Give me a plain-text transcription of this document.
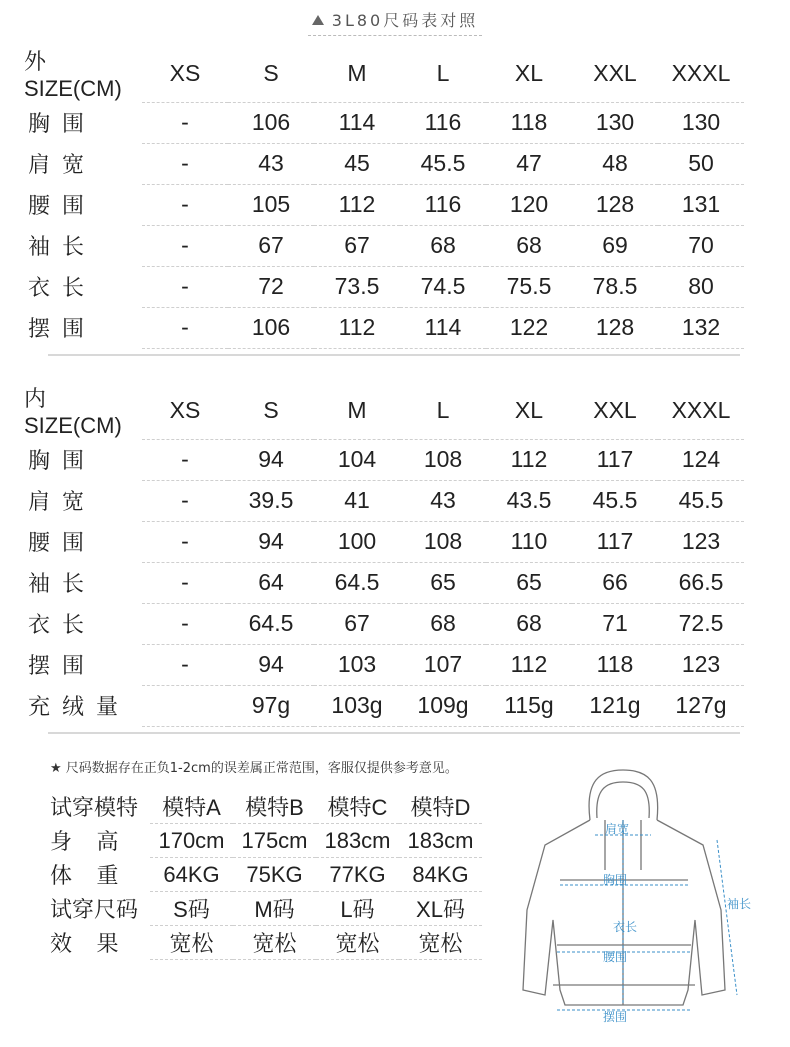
3L80尺码表对照
外SIZE(CM)	XS	S	M	L	XL	XXL	XXXL
胸围	-	106	114	116	118	130	130
肩宽	-	43	45	45.5	47	48	50
腰围	-	105	112	116	120	128	131
袖长	-	67	67	68	68	69	70
衣长	-	72	73.5	74.5	75.5	78.5	80
摆围	-	106	112	114	122	128	132
内SIZE(CM)	XS	S	M	L	XL	XXL	XXXL
胸围	-	94	104	108	112	117	124
肩宽	-	39.5	41	43	43.5	45.5	45.5
腰围	-	94	100	108	110	117	123
袖长	-	64	64.5	65	65	66	66.5
衣长	-	64.5	67	68	68	71	72.5
摆围	-	94	103	107	112	118	123
充绒量		97g	103g	109g	115g	121g	127g
★ 尺码数据存在正负1-2cm的误差属正常范围，客服仅提供参考意见。
试穿模特	模特A	模特B	模特C	模特D
身    高	170cm	175cm	183cm	183cm
体    重	64KG	75KG	77KG	84KG
试穿尺码	S码	M码	L码	XL码
效    果	宽松	宽松	宽松	宽松
肩宽
胸围
衣长
腰围
袖长
摆围
